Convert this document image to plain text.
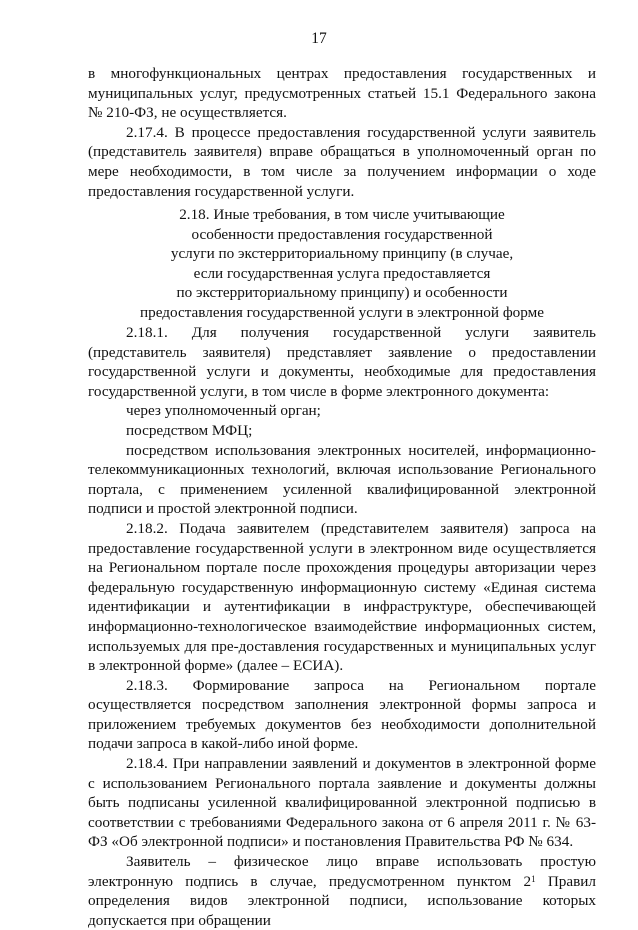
17

в многофункциональных центрах предоставления государственных и муниципальных услуг, предусмотренных статьей 15.1 Федерального закона № 210-ФЗ, не осуществляется.

2.17.4. В процессе предоставления государственной услуги заявитель (представитель заявителя) вправе обращаться в уполномоченный орган по мере необходимости, в том числе за получением информации о ходе предоставления государственной услуги.

2.18. Иные требования, в том числе учитывающие
особенности предоставления государственной
услуги по экстерриториальному принципу (в случае,
если государственная услуга предоставляется
по экстерриториальному принципу) и особенности
предоставления государственной услуги в электронной форме

2.18.1. Для получения государственной услуги заявитель (представитель заявителя) представляет заявление о предоставлении государственной услуги и документы, необходимые для предоставления государственной услуги, в том числе в форме электронного документа:

через уполномоченный орган;

посредством МФЦ;

посредством использования электронных носителей, информационно-телекоммуникационных технологий, включая использование Регионального портала, с применением усиленной квалифицированной электронной подписи и простой электронной подписи.

2.18.2. Подача заявителем (представителем заявителя) запроса на предоставление государственной услуги в электронном виде осуществляется на Региональном портале после прохождения процедуры авторизации через федеральную государственную информационную систему «Единая система идентификации и аутентификации в инфраструктуре, обеспечивающей информационно-технологическое взаимодействие информационных систем, используемых для пре-доставления государственных и муниципальных услуг в электронной форме» (далее – ЕСИА).

2.18.3. Формирование запроса на Региональном портале осуществляется посредством заполнения электронной формы запроса и приложением требуемых документов без необходимости дополнительной подачи запроса в какой-либо иной форме.

2.18.4. При направлении заявлений и документов в электронной форме с использованием Регионального портала заявление и документы должны быть подписаны усиленной квалифицированной электронной подписью в соответствии с требованиями Федерального закона от 6 апреля 2011 г. № 63-ФЗ «Об электронной подписи» и постановления Правительства РФ № 634.

Заявитель – физическое лицо вправе использовать простую электронную подпись в случае, предусмотренном пунктом $2^1$ Правил определения видов электронной подписи, использование которых допускается при обращении
